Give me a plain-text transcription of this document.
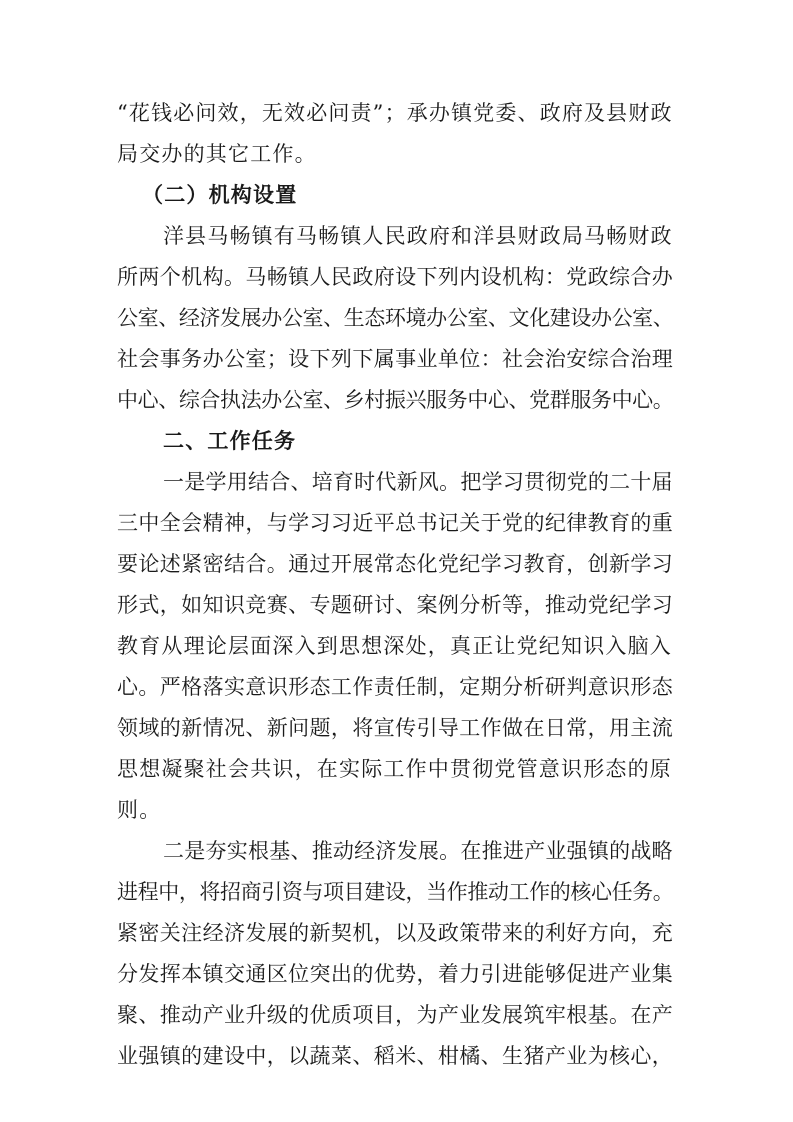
“花钱必问效，无效必问责”；承办镇党委、政府及县财政
局交办的其它工作。
（二）机构设置
洋县马畅镇有马畅镇人民政府和洋县财政局马畅财政
所两个机构。马畅镇人民政府设下列内设机构：党政综合办
公室、经济发展办公室、生态环境办公室、文化建设办公室、
社会事务办公室；设下列下属事业单位：社会治安综合治理
中心、综合执法办公室、乡村振兴服务中心、党群服务中心。
二、工作任务
一是学用结合、培育时代新风。把学习贯彻党的二十届
三中全会精神，与学习习近平总书记关于党的纪律教育的重
要论述紧密结合。通过开展常态化党纪学习教育，创新学习
形式，如知识竞赛、专题研讨、案例分析等，推动党纪学习
教育从理论层面深入到思想深处，真正让党纪知识入脑入
心。严格落实意识形态工作责任制，定期分析研判意识形态
领域的新情况、新问题，将宣传引导工作做在日常，用主流
思想凝聚社会共识，在实际工作中贯彻党管意识形态的原
则。
二是夯实根基、推动经济发展。在推进产业强镇的战略
进程中，将招商引资与项目建设，当作推动工作的核心任务。
紧密关注经济发展的新契机，以及政策带来的利好方向，充
分发挥本镇交通区位突出的优势，着力引进能够促进产业集
聚、推动产业升级的优质项目，为产业发展筑牢根基。在产
业强镇的建设中，以蔬菜、稻米、柑橘、生猪产业为核心，
